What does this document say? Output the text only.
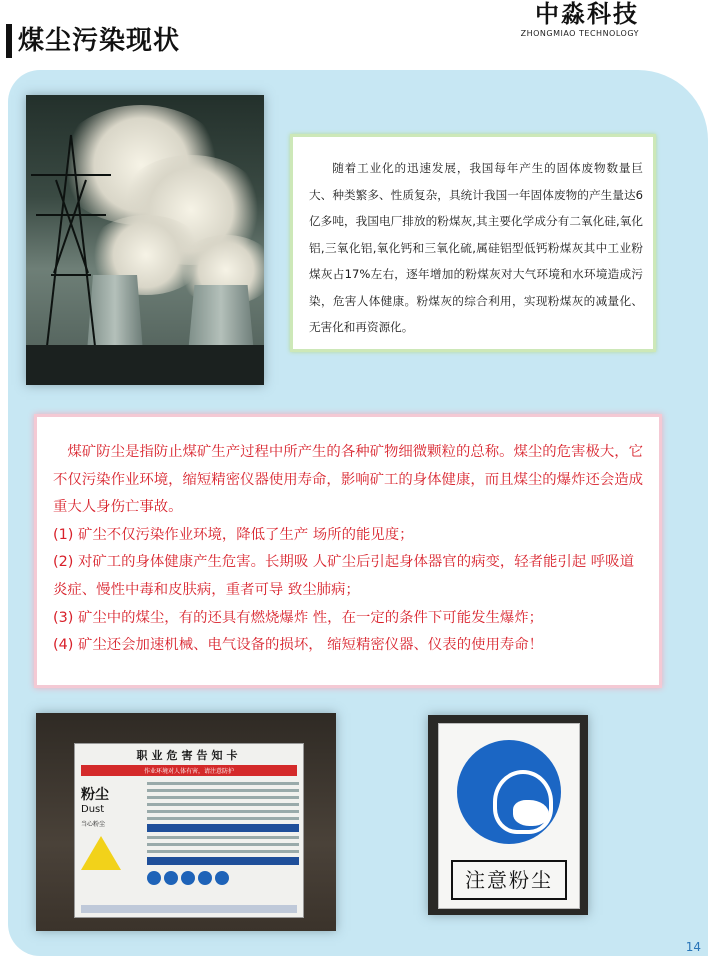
煤尘污染现状
中淼科技
ZHONGMIAO TECHNOLOGY

随着工业化的迅速发展，我国每年产生的固体废物数量巨大、种类繁多、性质复杂，具统计我国一年固体废物的产生量达6亿多吨，我国电厂排放的粉煤灰,其主要化学成分有二氧化硅,氧化铝,三氧化铝,氧化钙和三氧化硫,属硅铝型低钙粉煤灰其中工业粉煤灰占17%左右，逐年增加的粉煤灰对大气环境和水环境造成污染，危害人体健康。粉煤灰的综合利用，实现粉煤灰的减量化、无害化和再资源化。

煤矿防尘是指防止煤矿生产过程中所产生的各种矿物细微颗粒的总称。煤尘的危害极大，它不仅污染作业环境，缩短精密仪器使用寿命，影响矿工的身体健康，而且煤尘的爆炸还会造成重大人身伤亡事故。
(1) 矿尘不仅污染作业环境，降低了生产 场所的能见度；
(2) 对矿工的身体健康产生危害。长期吸 人矿尘后引起身体器官的病变，轻者能引起 呼吸道炎症、慢性中毒和皮肤病，重者可导 致尘肺病；
(3) 矿尘中的煤尘，有的还具有燃烧爆炸 性，在一定的条件下可能发生爆炸；
(4) 矿尘还会加速机械、电气设备的损坏， 缩短精密仪器、仪表的使用寿命！
职业危害告知卡
作业环境对人体有害，请注意防护
粉尘
Dust
当心粉尘
注意粉尘
14
